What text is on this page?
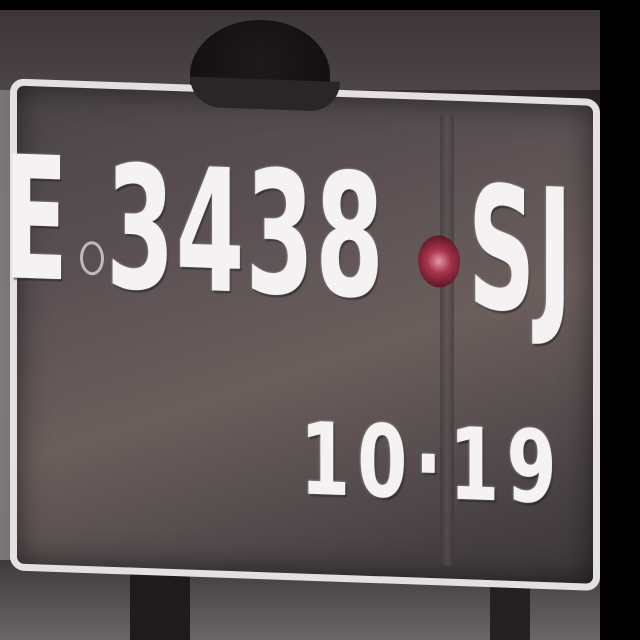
E 3438 SJ
10·19
